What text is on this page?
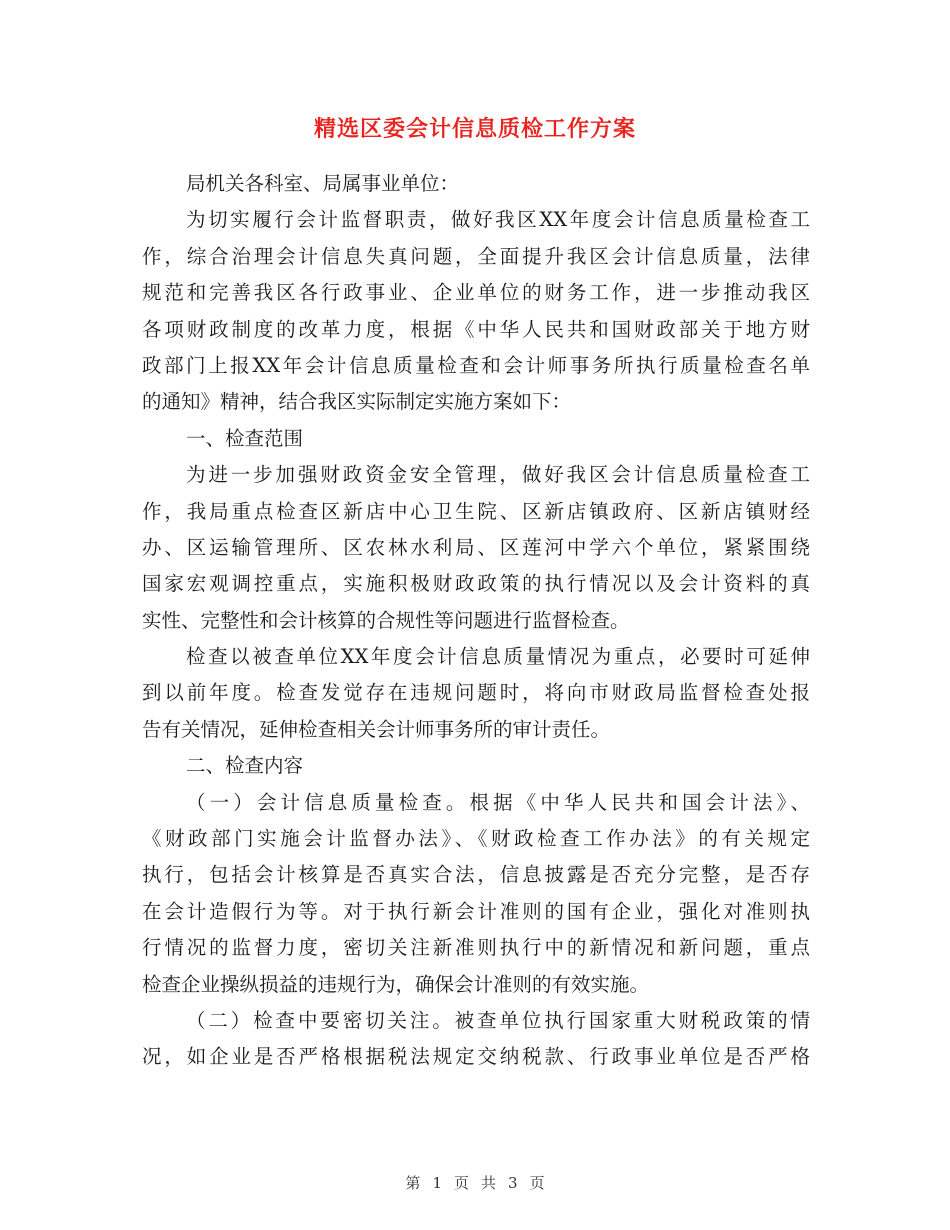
精选区委会计信息质检工作方案
局机关各科室、局属事业单位：
为切实履行会计监督职责，做好我区XX年度会计信息质量检查工
作，综合治理会计信息失真问题，全面提升我区会计信息质量，法律
规范和完善我区各行政事业、企业单位的财务工作，进一步推动我区
各项财政制度的改革力度，根据《中华人民共和国财政部关于地方财
政部门上报XX年会计信息质量检查和会计师事务所执行质量检查名单
的通知》精神，结合我区实际制定实施方案如下：
一、检查范围
为进一步加强财政资金安全管理，做好我区会计信息质量检查工
作，我局重点检查区新店中心卫生院、区新店镇政府、区新店镇财经
办、区运输管理所、区农林水利局、区莲河中学六个单位，紧紧围绕
国家宏观调控重点，实施积极财政政策的执行情况以及会计资料的真
实性、完整性和会计核算的合规性等问题进行监督检查。
检查以被查单位XX年度会计信息质量情况为重点，必要时可延伸
到以前年度。检查发觉存在违规问题时，将向市财政局监督检查处报
告有关情况，延伸检查相关会计师事务所的审计责任。
二、检查内容
（一）会计信息质量检查。根据《中华人民共和国会计法》、
《财政部门实施会计监督办法》、《财政检查工作办法》的有关规定
执行，包括会计核算是否真实合法，信息披露是否充分完整，是否存
在会计造假行为等。对于执行新会计准则的国有企业，强化对准则执
行情况的监督力度，密切关注新准则执行中的新情况和新问题，重点
检查企业操纵损益的违规行为，确保会计准则的有效实施。
（二）检查中要密切关注。被查单位执行国家重大财税政策的情
况，如企业是否严格根据税法规定交纳税款、行政事业单位是否严格
第 1 页 共 3 页
